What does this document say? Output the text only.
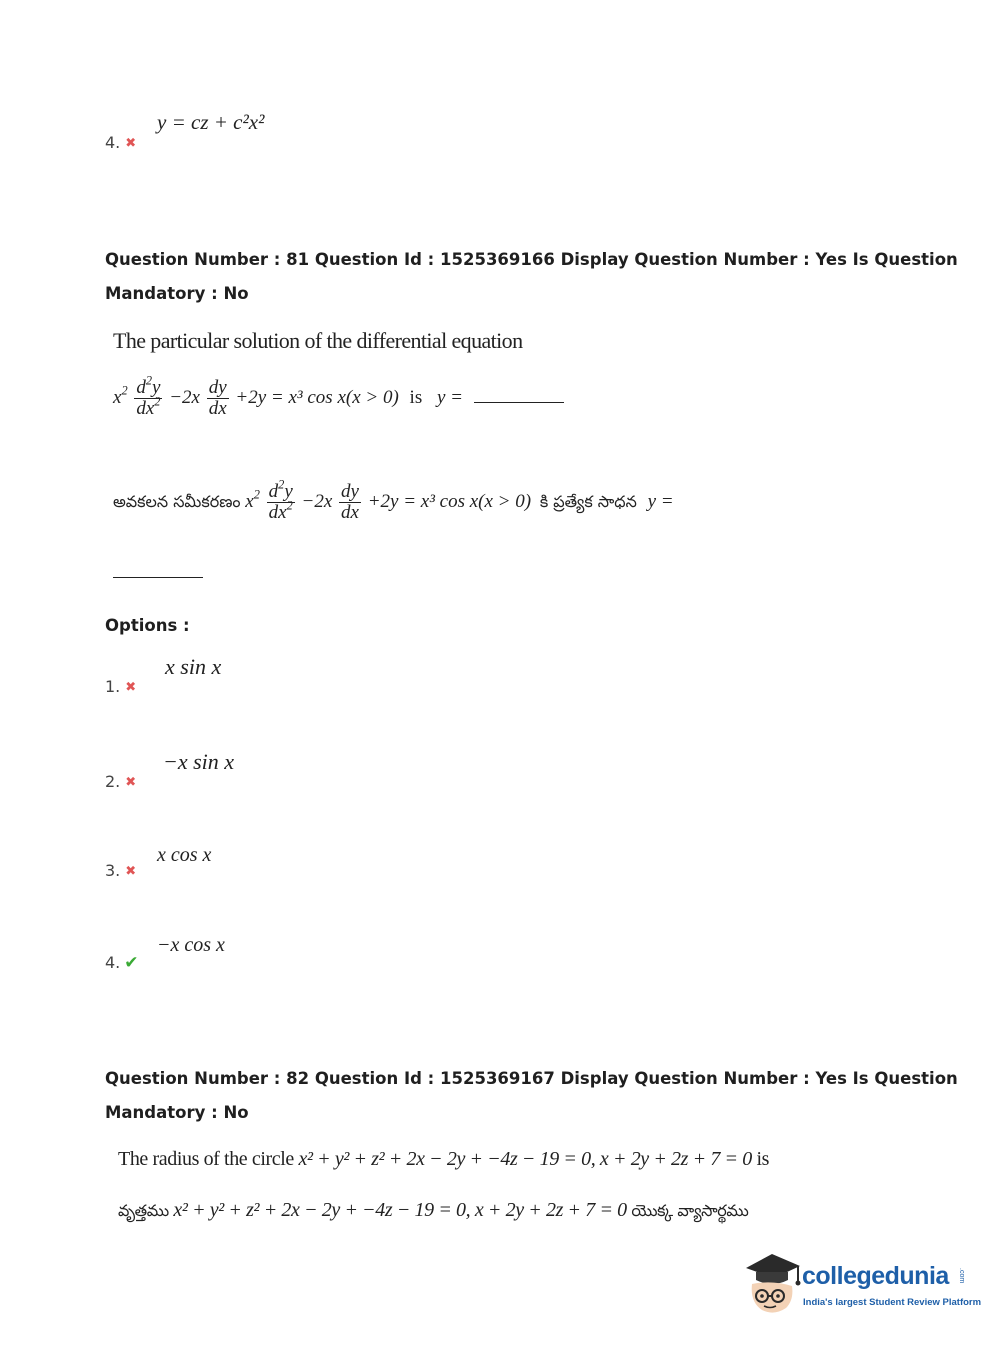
y = cz + c²x²
4. ✖
Question Number : 81 Question Id : 1525369166 Display Question Number : Yes Is Question
Mandatory : No
The particular solution of the differential equation
$x^2 \frac{d^2y}{dx^2} -2x \frac{dy}{dx} +2y = x^3$ cos x(x > 0) is y =
అవకలన సమీకరణం $x^2 \frac{d^2y}{dx^2} -2x \frac{dy}{dx} +2y = x^3$ cos x(x > 0) కి ప్రత్యేక సాధన y =
Options :
x sin x
1. ✖
−x sin x
2. ✖
x cos x
3. ✖
−x cos x
4. ✔
Question Number : 82 Question Id : 1525369167 Display Question Number : Yes Is Question
Mandatory : No
The radius of the circle x² + y² + z² + 2x − 2y + −4z − 19 = 0, x + 2y + 2z + 7 = 0 is
వృత్తము x² + y² + z² + 2x − 2y + −4z − 19 = 0, x + 2y + 2z + 7 = 0 యొక్క వ్యాసార్థము
collegedunia .com
India's largest Student Review Platform
